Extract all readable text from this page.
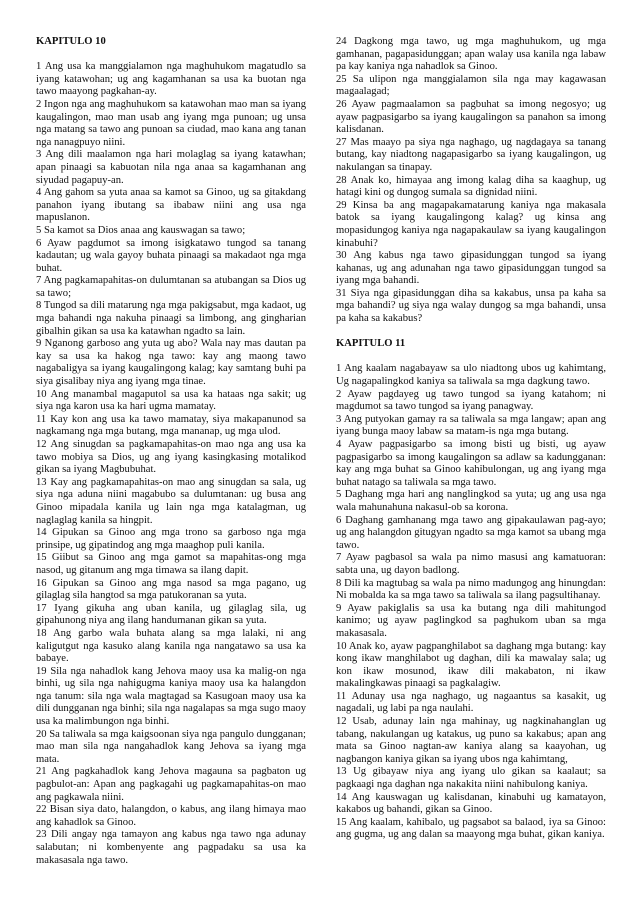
KAPITULO 10

1 Ang usa ka manggialamon nga maghuhukom magatudlo sa iyang katawohan; ug ang kagamhanan sa usa ka buotan nga tawo maayong pagkahan-ay.

2 Ingon nga ang maghuhukom sa katawohan mao man sa iyang kaugalingon, mao man usab ang iyang mga punoan; ug unsa nga matang sa tawo ang punoan sa ciudad, mao kana ang tanan nga nanagpuyo niini.

3 Ang dili maalamon nga hari molaglag sa iyang katawhan; apan pinaagi sa kabuotan nila nga anaa sa kagamhanan ang siyudad pagapuy-an.

4 Ang gahom sa yuta anaa sa kamot sa Ginoo, ug sa gitakdang panahon iyang ibutang sa ibabaw niini ang usa nga mapuslanon.

5 Sa kamot sa Dios anaa ang kauswagan sa tawo;

6 Ayaw pagdumot sa imong isigkatawo tungod sa tanang kadautan; ug wala gayoy buhata pinaagi sa makadaot nga mga buhat.

7 Ang pagkamapahitas-on dulumtanan sa atubangan sa Dios ug sa tawo;

8 Tungod sa dili matarung nga mga pakigsabut, mga kadaot, ug mga bahandi nga nakuha pinaagi sa limbong, ang gingharian gibalhin gikan sa usa ka katawhan ngadto sa lain.

9 Nganong garboso ang yuta ug abo? Wala nay mas dautan pa kay sa usa ka hakog nga tawo: kay ang maong tawo nagabaligya sa iyang kaugalingong kalag; kay samtang buhi pa siya gisalibay niya ang iyang mga tinae.

10 Ang manambal magaputol sa usa ka hataas nga sakit; ug siya nga karon usa ka hari ugma mamatay.

11 Kay kon ang usa ka tawo mamatay, siya makapanunod sa nagkamang nga mga butang, mga mananap, ug mga ulod.

12 Ang sinugdan sa pagkamapahitas-on mao nga ang usa ka tawo mobiya sa Dios, ug ang iyang kasingkasing motalikod gikan sa iyang Magbubuhat.

13 Kay ang pagkamapahitas-on mao ang sinugdan sa sala, ug siya nga aduna niini magabubo sa dulumtanan: ug busa ang Ginoo mipadala kanila ug lain nga mga katalagman, ug naglaglag kanila sa hingpit.

14 Gipukan sa Ginoo ang mga trono sa garboso nga mga prinsipe, ug gipatindog ang mga maaghop puli kanila.

15 Giibut sa Ginoo ang mga gamot sa mapahitas-ong mga nasod, ug gitanum ang mga timawa sa ilang dapit.

16 Gipukan sa Ginoo ang mga nasod sa mga pagano, ug gilaglag sila hangtod sa mga patukoranan sa yuta.

17 Iyang gikuha ang uban kanila, ug gilaglag sila, ug gipahunong niya ang ilang handumanan gikan sa yuta.

18 Ang garbo wala buhata alang sa mga lalaki, ni ang kaligutgut nga kasuko alang kanila nga nangatawo sa usa ka babaye.

19 Sila nga nahadlok kang Jehova maoy usa ka malig-on nga binhi, ug sila nga nahigugma kaniya maoy usa ka halangdon nga tanum: sila nga wala magtagad sa Kasugoan maoy usa ka dili dungganan nga binhi; sila nga nagalapas sa mga sugo maoy usa ka malimbungon nga binhi.

20 Sa taliwala sa mga kaigsoonan siya nga pangulo dungganan; mao man sila nga nangahadlok kang Jehova sa iyang mga mata.

21 Ang pagkahadlok kang Jehova magauna sa pagbaton ug pagbulot-an: Apan ang pagkagahi ug pagkamapahitas-on mao ang pagkawala niini.

22 Bisan siya dato, halangdon, o kabus, ang ilang himaya mao ang kahadlok sa Ginoo.

23 Dili angay nga tamayon ang kabus nga tawo nga adunay salabutan; ni kombenyente ang pagpadaku sa usa ka makasasala nga tawo.

24 Dagkong mga tawo, ug mga maghuhukom, ug mga gamhanan, pagapasidunggan; apan walay usa kanila nga labaw pa kay kaniya nga nahadlok sa Ginoo.

25 Sa ulipon nga manggialamon sila nga may kagawasan magaalagad;

26 Ayaw pagmaalamon sa pagbuhat sa imong negosyo; ug ayaw pagpasigarbo sa iyang kaugalingon sa panahon sa imong kalisdanan.

27 Mas maayo pa siya nga naghago, ug nagdagaya sa tanang butang, kay niadtong nagapasigarbo sa iyang kaugalingon, ug nakulangan sa tinapay.

28 Anak ko, himayaa ang imong kalag diha sa kaaghup, ug hatagi kini og dungog sumala sa dignidad niini.

29 Kinsa ba ang magapakamatarung kaniya nga makasala batok sa iyang kaugalingong kalag? ug kinsa ang mopasidungog kaniya nga nagapakaulaw sa iyang kaugalingon kinabuhi?

30 Ang kabus nga tawo gipasidunggan tungod sa iyang kahanas, ug ang adunahan nga tawo gipasidunggan tungod sa iyang mga bahandi.

31 Siya nga gipasidunggan diha sa kakabus, unsa pa kaha sa mga bahandi? ug siya nga walay dungog sa mga bahandi, unsa pa kaha sa kakabus?

KAPITULO 11

1 Ang kaalam nagabayaw sa ulo niadtong ubos ug kahimtang, Ug nagapalingkod kaniya sa taliwala sa mga dagkung tawo.

2 Ayaw pagdayeg ug tawo tungod sa iyang katahom; ni magdumot sa tawo tungod sa iyang panagway.

3 Ang putyokan gamay ra sa taliwala sa mga langaw; apan ang iyang bunga maoy labaw sa matam-is nga mga butang.

4 Ayaw pagpasigarbo sa imong bisti ug bisti, ug ayaw pagpasigarbo sa imong kaugalingon sa adlaw sa kadungganan: kay ang mga buhat sa Ginoo kahibulongan, ug ang iyang mga buhat natago sa taliwala sa mga tawo.

5 Daghang mga hari ang nanglingkod sa yuta; ug ang usa nga wala mahunahuna nakasul-ob sa korona.

6 Daghang gamhanang mga tawo ang gipakaulawan pag-ayo; ug ang halangdon gitugyan ngadto sa mga kamot sa ubang mga tawo.

7 Ayaw pagbasol sa wala pa nimo masusi ang kamatuoran: sabta una, ug dayon badlong.

8 Dili ka magtubag sa wala pa nimo madungog ang hinungdan: Ni mobalda ka sa mga tawo sa taliwala sa ilang pagsultihanay.

9 Ayaw pakiglalis sa usa ka butang nga dili mahitungod kanimo; ug ayaw paglingkod sa paghukom uban sa mga makasasala.

10 Anak ko, ayaw pagpanghilabot sa daghang mga butang: kay kong ikaw manghilabot ug daghan, dili ka mawalay sala; ug kon ikaw mosunod, ikaw dili makabaton, ni ikaw makalingkawas pinaagi sa pagkalagiw.

11 Adunay usa nga naghago, ug nagaantus sa kasakit, ug nagadali, ug labi pa nga naulahi.

12 Usab, adunay lain nga mahinay, ug nagkinahanglan ug tabang, nakulangan ug katakus, ug puno sa kakabus; apan ang mata sa Ginoo nagtan-aw kaniya alang sa kaayohan, ug nagbangon kaniya gikan sa iyang ubos nga kahimtang,

13 Ug gibayaw niya ang iyang ulo gikan sa kaalaut; sa pagkaagi nga daghan nga nakakita niini nahibulong kaniya.

14 Ang kauswagan ug kalisdanan, kinabuhi ug kamatayon, kakabos ug bahandi, gikan sa Ginoo.

15 Ang kaalam, kahibalo, ug pagsabot sa balaod, iya sa Ginoo: ang gugma, ug ang dalan sa maayong mga buhat, gikan kaniya.
